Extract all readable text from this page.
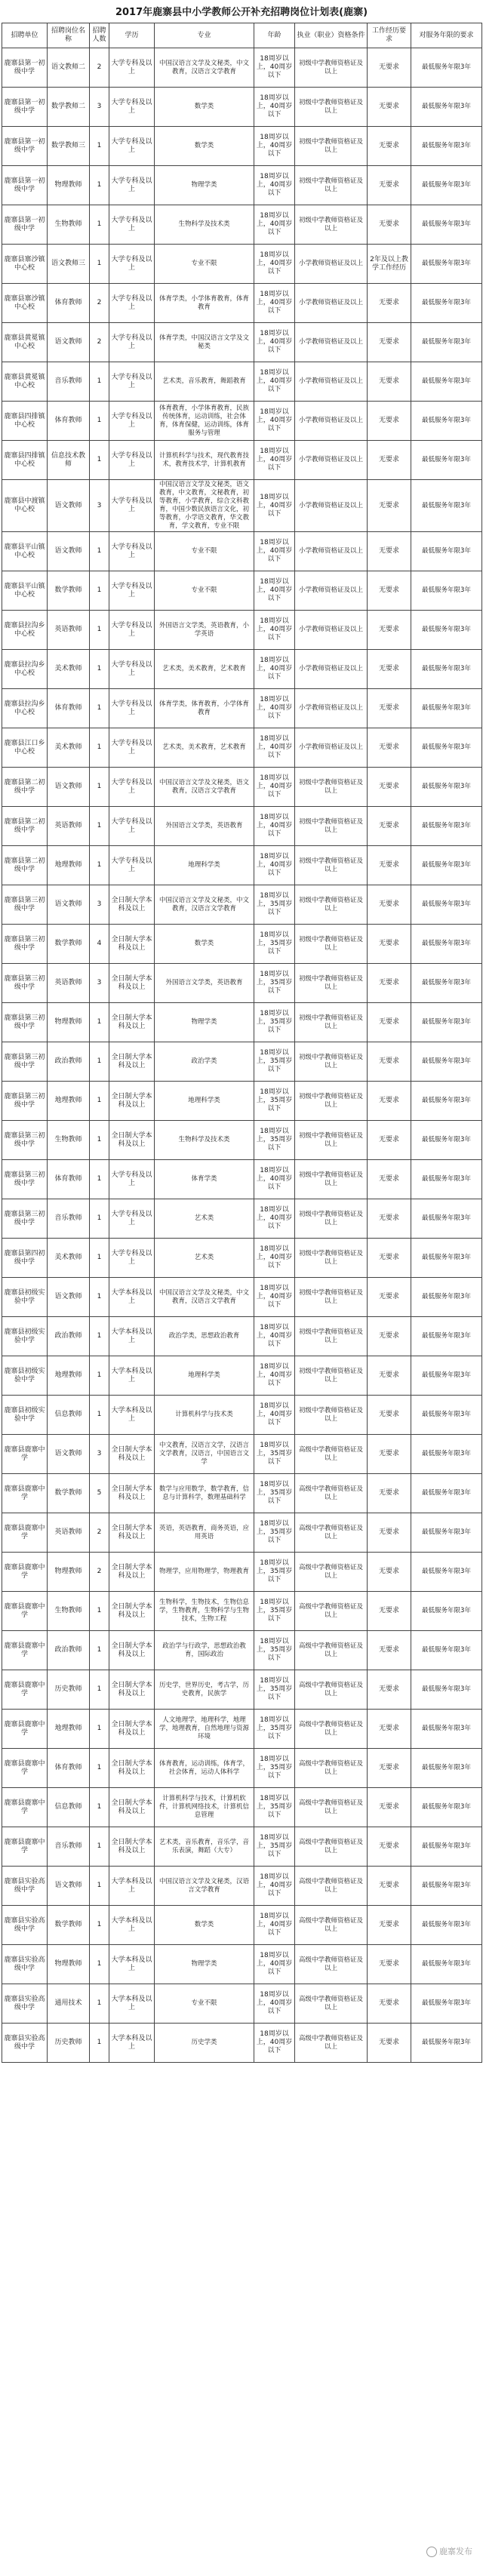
2017年鹿寨县中小学教师公开补充招聘岗位计划表(鹿寨)
招聘单位	招聘岗位名称	招聘人数	学历	专业	年龄	执业（职业）资格条件	工作经历要求	对服务年限的要求
鹿寨县第一初级中学	语文教师二	2	大学专科及以上	中国汉语言文学及文秘类，中文教育，汉语言文学教育	18周岁以上，40周岁以下	初级中学教师资格证及以上	无要求	最低服务年限3年
鹿寨县第一初级中学	数学教师二	3	大学专科及以上	数学类	18周岁以上，40周岁以下	初级中学教师资格证及以上	无要求	最低服务年限3年
鹿寨县第一初级中学	数学教师三	1	大学专科及以上	数学类	18周岁以上，40周岁以下	初级中学教师资格证及以上	无要求	最低服务年限3年
鹿寨县第一初级中学	物理教师	1	大学专科及以上	物理学类	18周岁以上，40周岁以下	初级中学教师资格证及以上	无要求	最低服务年限3年
鹿寨县第一初级中学	生物教师	1	大学专科及以上	生物科学及技术类	18周岁以上，40周岁以下	初级中学教师资格证及以上	无要求	最低服务年限3年
鹿寨县寨沙镇中心校	语文教师三	1	大学专科及以上	专业不限	18周岁以上，40周岁以下	小学教师资格证及以上	2年及以上教学工作经历	最低服务年限3年
鹿寨县寨沙镇中心校	体育教师	2	大学专科及以上	体育学类，小学体育教育，体育教育	18周岁以上，40周岁以下	小学教师资格证及以上	无要求	最低服务年限3年
鹿寨县黄冕镇中心校	语文教师	2	大学专科及以上	体育学类，中国汉语言文学及文秘类	18周岁以上，40周岁以下	小学教师资格证及以上	无要求	最低服务年限3年
鹿寨县黄冕镇中心校	音乐教师	1	大学专科及以上	艺术类，音乐教育，舞蹈教育	18周岁以上，40周岁以下	小学教师资格证及以上	无要求	最低服务年限3年
鹿寨县四排镇中心校	体育教师	1	大学专科及以上	体育教育，小学体育教育，民族传统体育，运动训练，社会体育，体育保健，运动训练，体育服务与管理	18周岁以上，40周岁以下	小学教师资格证及以上	无要求	最低服务年限3年
鹿寨县四排镇中心校	信息技术教师	1	大学专科及以上	计算机科学与技术，现代教育技术，教育技术学，计算机教育	18周岁以上，40周岁以下	小学教师资格证及以上	无要求	最低服务年限3年
鹿寨县中渡镇中心校	语文教师	3	大学专科及以上	中国汉语言文学及文秘类，语文教育，中文教育，文秘教育，初等教育，小学教育，综合文科教育，中国少数民族语言文化，初等教育，小学语文教育，华文教育，学文教育，专业不限	18周岁以上，40周岁以下	小学教师资格证及以上	无要求	最低服务年限3年
鹿寨县平山镇中心校	语文教师	1	大学专科及以上	专业不限	18周岁以上，40周岁以下	小学教师资格证及以上	无要求	最低服务年限3年
鹿寨县平山镇中心校	数学教师	1	大学专科及以上	专业不限	18周岁以上，40周岁以下	小学教师资格证及以上	无要求	最低服务年限3年
鹿寨县拉沟乡中心校	英语教师	1	大学专科及以上	外国语言文学类，英语教育，小学英语	18周岁以上，40周岁以下	小学教师资格证及以上	无要求	最低服务年限3年
鹿寨县拉沟乡中心校	美术教师	1	大学专科及以上	艺术类，美术教育，艺术教育	18周岁以上，40周岁以下	小学教师资格证及以上	无要求	最低服务年限3年
鹿寨县拉沟乡中心校	体育教师	1	大学专科及以上	体育学类，体育教育，小学体育教育	18周岁以上，40周岁以下	小学教师资格证及以上	无要求	最低服务年限3年
鹿寨县江口乡中心校	美术教师	1	大学专科及以上	艺术类，美术教育，艺术教育	18周岁以上，40周岁以下	小学教师资格证及以上	无要求	最低服务年限3年
鹿寨县第二初级中学	语文教师	1	大学专科及以上	中国汉语言文学及文秘类，语文教育，汉语言文学教育	18周岁以上，40周岁以下	初级中学教师资格证及以上	无要求	最低服务年限3年
鹿寨县第二初级中学	英语教师	1	大学专科及以上	外国语言文学类，英语教育	18周岁以上，40周岁以下	初级中学教师资格证及以上	无要求	最低服务年限3年
鹿寨县第二初级中学	地理教师	1	大学专科及以上	地理科学类	18周岁以上，40周岁以下	初级中学教师资格证及以上	无要求	最低服务年限3年
鹿寨县第三初级中学	语文教师	3	全日制大学本科及以上	中国汉语言文学及文秘类，中文教育，汉语言文学教育	18周岁以上，35周岁以下	初级中学教师资格证及以上	无要求	最低服务年限3年
鹿寨县第三初级中学	数学教师	4	全日制大学本科及以上	数学类	18周岁以上，35周岁以下	初级中学教师资格证及以上	无要求	最低服务年限3年
鹿寨县第三初级中学	英语教师	3	全日制大学本科及以上	外国语言文学类，英语教育	18周岁以上，35周岁以下	初级中学教师资格证及以上	无要求	最低服务年限3年
鹿寨县第三初级中学	物理教师	1	全日制大学本科及以上	物理学类	18周岁以上，35周岁以下	初级中学教师资格证及以上	无要求	最低服务年限3年
鹿寨县第三初级中学	政治教师	1	全日制大学本科及以上	政治学类	18周岁以上，35周岁以下	初级中学教师资格证及以上	无要求	最低服务年限3年
鹿寨县第三初级中学	地理教师	1	全日制大学本科及以上	地理科学类	18周岁以上，35周岁以下	初级中学教师资格证及以上	无要求	最低服务年限3年
鹿寨县第三初级中学	生物教师	1	全日制大学本科及以上	生物科学及技术类	18周岁以上，35周岁以下	初级中学教师资格证及以上	无要求	最低服务年限3年
鹿寨县第三初级中学	体育教师	1	大学专科及以上	体育学类	18周岁以上，40周岁以下	初级中学教师资格证及以上	无要求	最低服务年限3年
鹿寨县第三初级中学	音乐教师	1	大学专科及以上	艺术类	18周岁以上，40周岁以下	初级中学教师资格证及以上	无要求	最低服务年限3年
鹿寨县第四初级中学	美术教师	1	大学专科及以上	艺术类	18周岁以上，40周岁以下	初级中学教师资格证及以上	无要求	最低服务年限3年
鹿寨县初级实验中学	语文教师	1	大学本科及以上	中国汉语言文学及文秘类，中文教育，汉语言文学教育	18周岁以上，40周岁以下	初级中学教师资格证及以上	无要求	最低服务年限3年
鹿寨县初级实验中学	政治教师	1	大学本科及以上	政治学类，思想政治教育	18周岁以上，40周岁以下	初级中学教师资格证及以上	无要求	最低服务年限3年
鹿寨县初级实验中学	地理教师	1	大学本科及以上	地理科学类	18周岁以上，40周岁以下	初级中学教师资格证及以上	无要求	最低服务年限3年
鹿寨县初级实验中学	信息教师	1	大学本科及以上	计算机科学与技术类	18周岁以上，40周岁以下	初级中学教师资格证及以上	无要求	最低服务年限3年
鹿寨县鹿寨中学	语文教师	3	全日制大学本科及以上	中文教育，汉语言文学，汉语言文学教育，汉语言，中国语言文学	18周岁以上，35周岁以下	高级中学教师资格证及以上	无要求	最低服务年限3年
鹿寨县鹿寨中学	数学教师	5	全日制大学本科及以上	数学与应用数学，数学教育，信息与计算科学，数理基础科学	18周岁以上，35周岁以下	高级中学教师资格证及以上	无要求	最低服务年限3年
鹿寨县鹿寨中学	英语教师	2	全日制大学本科及以上	英语，英语教育，商务英语，应用英语	18周岁以上，35周岁以下	高级中学教师资格证及以上	无要求	最低服务年限3年
鹿寨县鹿寨中学	物理教师	2	全日制大学本科及以上	物理学，应用物理学，物理教育	18周岁以上，35周岁以下	高级中学教师资格证及以上	无要求	最低服务年限3年
鹿寨县鹿寨中学	生物教师	1	全日制大学本科及以上	生物科学，生物技术，生物信息学，生物教育，生物科学与生物技术，生物工程	18周岁以上，35周岁以下	高级中学教师资格证及以上	无要求	最低服务年限3年
鹿寨县鹿寨中学	政治教师	1	全日制大学本科及以上	政治学与行政学，思想政治教育，国际政治	18周岁以上，35周岁以下	高级中学教师资格证及以上	无要求	最低服务年限3年
鹿寨县鹿寨中学	历史教师	1	全日制大学本科及以上	历史学，世界历史，考古学，历史教育，民族学	18周岁以上，35周岁以下	高级中学教师资格证及以上	无要求	最低服务年限3年
鹿寨县鹿寨中学	地理教师	1	全日制大学本科及以上	人文地理学，地理科学，地理学，地理教育，自然地理与资源环境	18周岁以上，35周岁以下	高级中学教师资格证及以上	无要求	最低服务年限3年
鹿寨县鹿寨中学	体育教师	1	全日制大学本科及以上	体育教育，运动训练，体育学，社会体育，运动人体科学	18周岁以上，35周岁以下	高级中学教师资格证及以上	无要求	最低服务年限3年
鹿寨县鹿寨中学	信息教师	1	全日制大学本科及以上	计算机科学与技术，计算机软件，计算机网络技术，计算机信息管理	18周岁以上，35周岁以下	高级中学教师资格证及以上	无要求	最低服务年限3年
鹿寨县鹿寨中学	音乐教师	1	全日制大学本科及以上	艺术类，音乐教育，音乐学，音乐表演，舞蹈（大专）	18周岁以上，35周岁以下	高级中学教师资格证及以上	无要求	最低服务年限3年
鹿寨县实验高级中学	语文教师	1	大学本科及以上	中国汉语言文学及文秘类，汉语言文学教育	18周岁以上，40周岁以下	高级中学教师资格证及以上	无要求	最低服务年限3年
鹿寨县实验高级中学	数学教师	1	大学本科及以上	数学类	18周岁以上，40周岁以下	高级中学教师资格证及以上	无要求	最低服务年限3年
鹿寨县实验高级中学	物理教师	1	大学本科及以上	物理学类	18周岁以上，40周岁以下	高级中学教师资格证及以上	无要求	最低服务年限3年
鹿寨县实验高级中学	通用技术	1	大学本科及以上	专业不限	18周岁以上，40周岁以下	高级中学教师资格证及以上	无要求	最低服务年限3年
鹿寨县实验高级中学	历史教师	1	大学本科及以上	历史学类	18周岁以上，40周岁以下	高级中学教师资格证及以上	无要求	最低服务年限3年
鹿寨发布
